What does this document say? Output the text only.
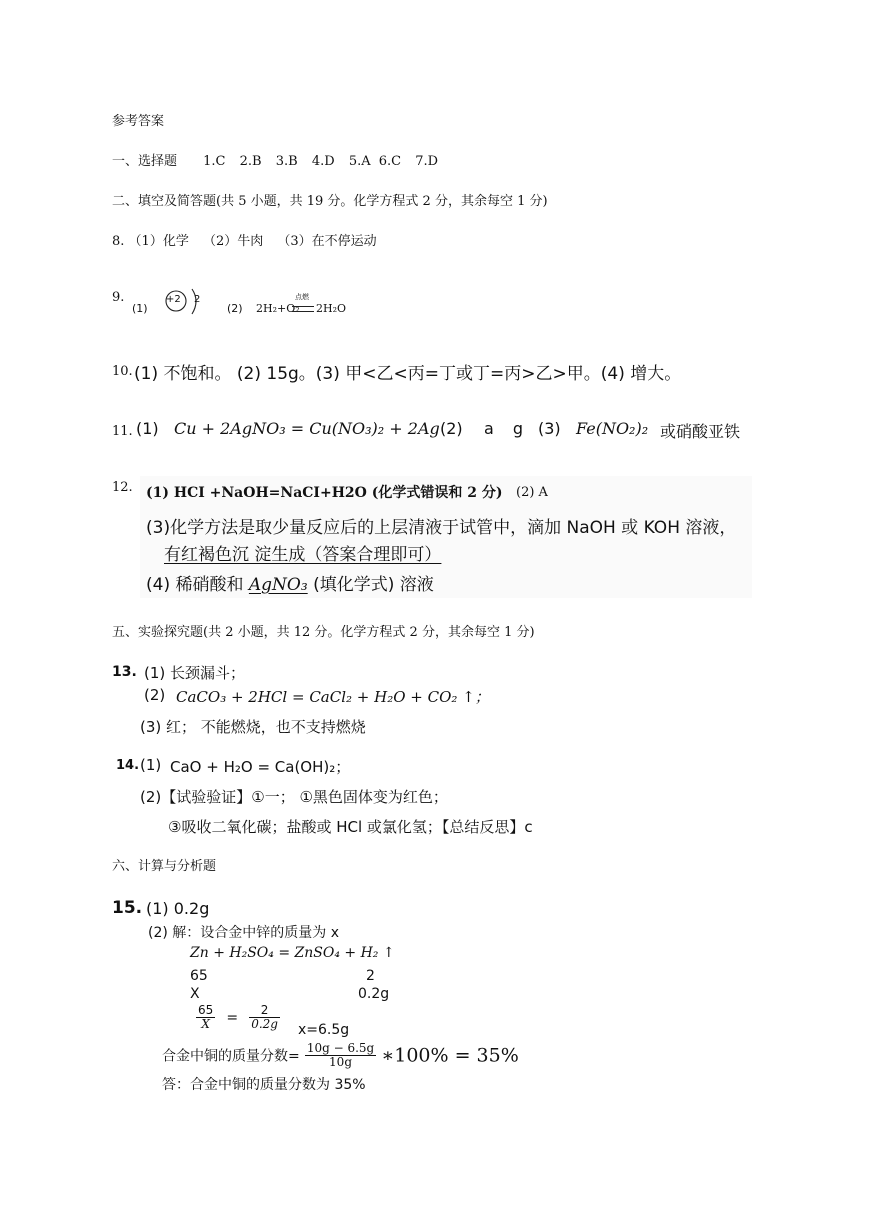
参考答案
一、选择题 1.C 2.B 3.B 4.D 5.A 6.C 7.D
二、填空及简答题(共 5 小题，共 19 分。化学方程式 2 分，其余每空 1 分)
8. （1）化学 （2）牛肉 （3）在不停运动
9.
(1)
+2 2
(2) 2H₂+O₂
点燃
2H₂O
10. (1) 不饱和。 (2) 15g。(3) 甲<乙<丙=丁或丁=丙>乙>甲。(4) 增大。
11. (1) Cu + 2AgNO₃ = Cu(NO₃)₂ + 2Ag (2) a g (3) Fe(NO₂)₂ 或硝酸亚铁
12. (1) HCI +NaOH=NaCI+H2O (化学式错误和 2 分) (2) A
(3)化学方法是取少量反应后的上层清液于试管中，滴加 NaOH 或 KOH 溶液，
有红褐色沉 淀生成（答案合理即可）
(4) 稀硝酸和 AgNO₃ (填化学式) 溶液
五、实验探究题(共 2 小题，共 12 分。化学方程式 2 分，其余每空 1 分)
13. (1) 长颈漏斗；
(2) CaCO₃ + 2HCl = CaCl₂ + H₂O + CO₂ ↑；
(3) 红； 不能燃烧，也不支持燃烧
14. (1) CaO + H₂O = Ca(OH)₂；
(2)【试验验证】①一； ①黑色固体变为红色；
③吸收二氧化碳；盐酸或 HCl 或氯化氢；【总结反思】c
六、计算与分析题
15. (1) 0.2g
(2) 解：设合金中锌的质量为 x
Zn + H₂SO₄ = ZnSO₄ + H₂ ↑
65	2
X	0.2g
$\frac{65}{X} = \frac{2}{0.2g} x=6.5g$
合金中铜的质量分数= $\frac{10g - 6.5g}{10g}$ ∗100% = 35%
答：合金中铜的质量分数为 35%
